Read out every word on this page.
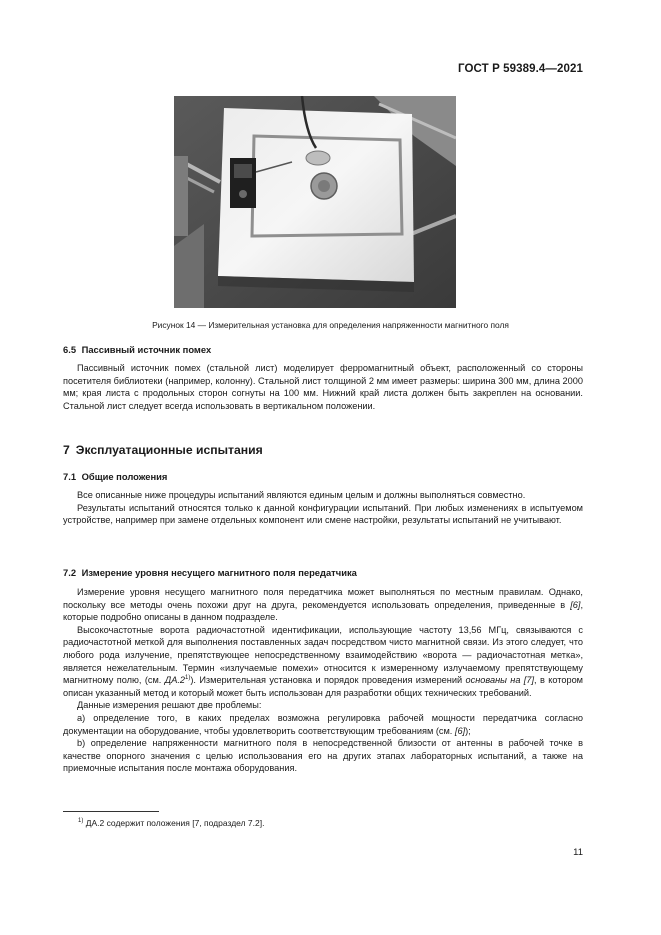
ГОСТ Р 59389.4—2021
Рисунок 14 — Измерительная установка для определения напряженности магнитного поля
6.5 Пассивный источник помех

Пассивный источник помех (стальной лист) моделирует ферромагнитный объект, расположенный со стороны посетителя библиотеки (например, колонну). Стальной лист толщиной 2 мм имеет размеры: ширина 300 мм, длина 2000 мм; края листа с продольных сторон согнуты на 100 мм. Нижний край листа должен быть закреплен на основании. Стальной лист следует всегда использовать в вертикальном положении.

7 Эксплуатационные испытания
7.1 Общие положения

Все описанные ниже процедуры испытаний являются единым целым и должны выполняться совместно.

Результаты испытаний относятся только к данной конфигурации испытаний. При любых изменениях в испытуемом устройстве, например при замене отдельных компонент или смене настройки, результаты испытаний не учитывают.

7.2 Измерение уровня несущего магнитного поля передатчика

Измерение уровня несущего магнитного поля передатчика может выполняться по местным правилам. Однако, поскольку все методы очень похожи друг на друга, рекомендуется использовать определения, приведенные в [6], которые подробно описаны в данном подразделе.

Высокочастотные ворота радиочастотной идентификации, использующие частоту 13,56 МГц, связываются с радиочастотной меткой для выполнения поставленных задач посредством чисто магнитной связи. Из этого следует, что любого рода излучение, препятствующее непосредственному взаимодействию «ворота — радиочастотная метка», является нежелательным. Термин «излучаемые помехи» относится к измеренному излучаемому препятствующему магнитному полю, (см. ДА.2$^{1)}$). Измерительная установка и порядок проведения измерений основаны на [7], в котором описан указанный метод и который может быть использован для разработки общих технических требований.

Данные измерения решают две проблемы:

a) определение того, в каких пределах возможна регулировка рабочей мощности передатчика согласно документации на оборудование, чтобы удовлетворить соответствующим требованиям (см. [6]);

b) определение напряженности магнитного поля в непосредственной близости от антенны в рабочей точке в качестве опорного значения с целью использования его на других этапах лабораторных испытаний, а также на приемочные испытания после монтажа оборудования.

$^{1)}$ ДА.2 содержит положения [7, подраздел 7.2].
11
